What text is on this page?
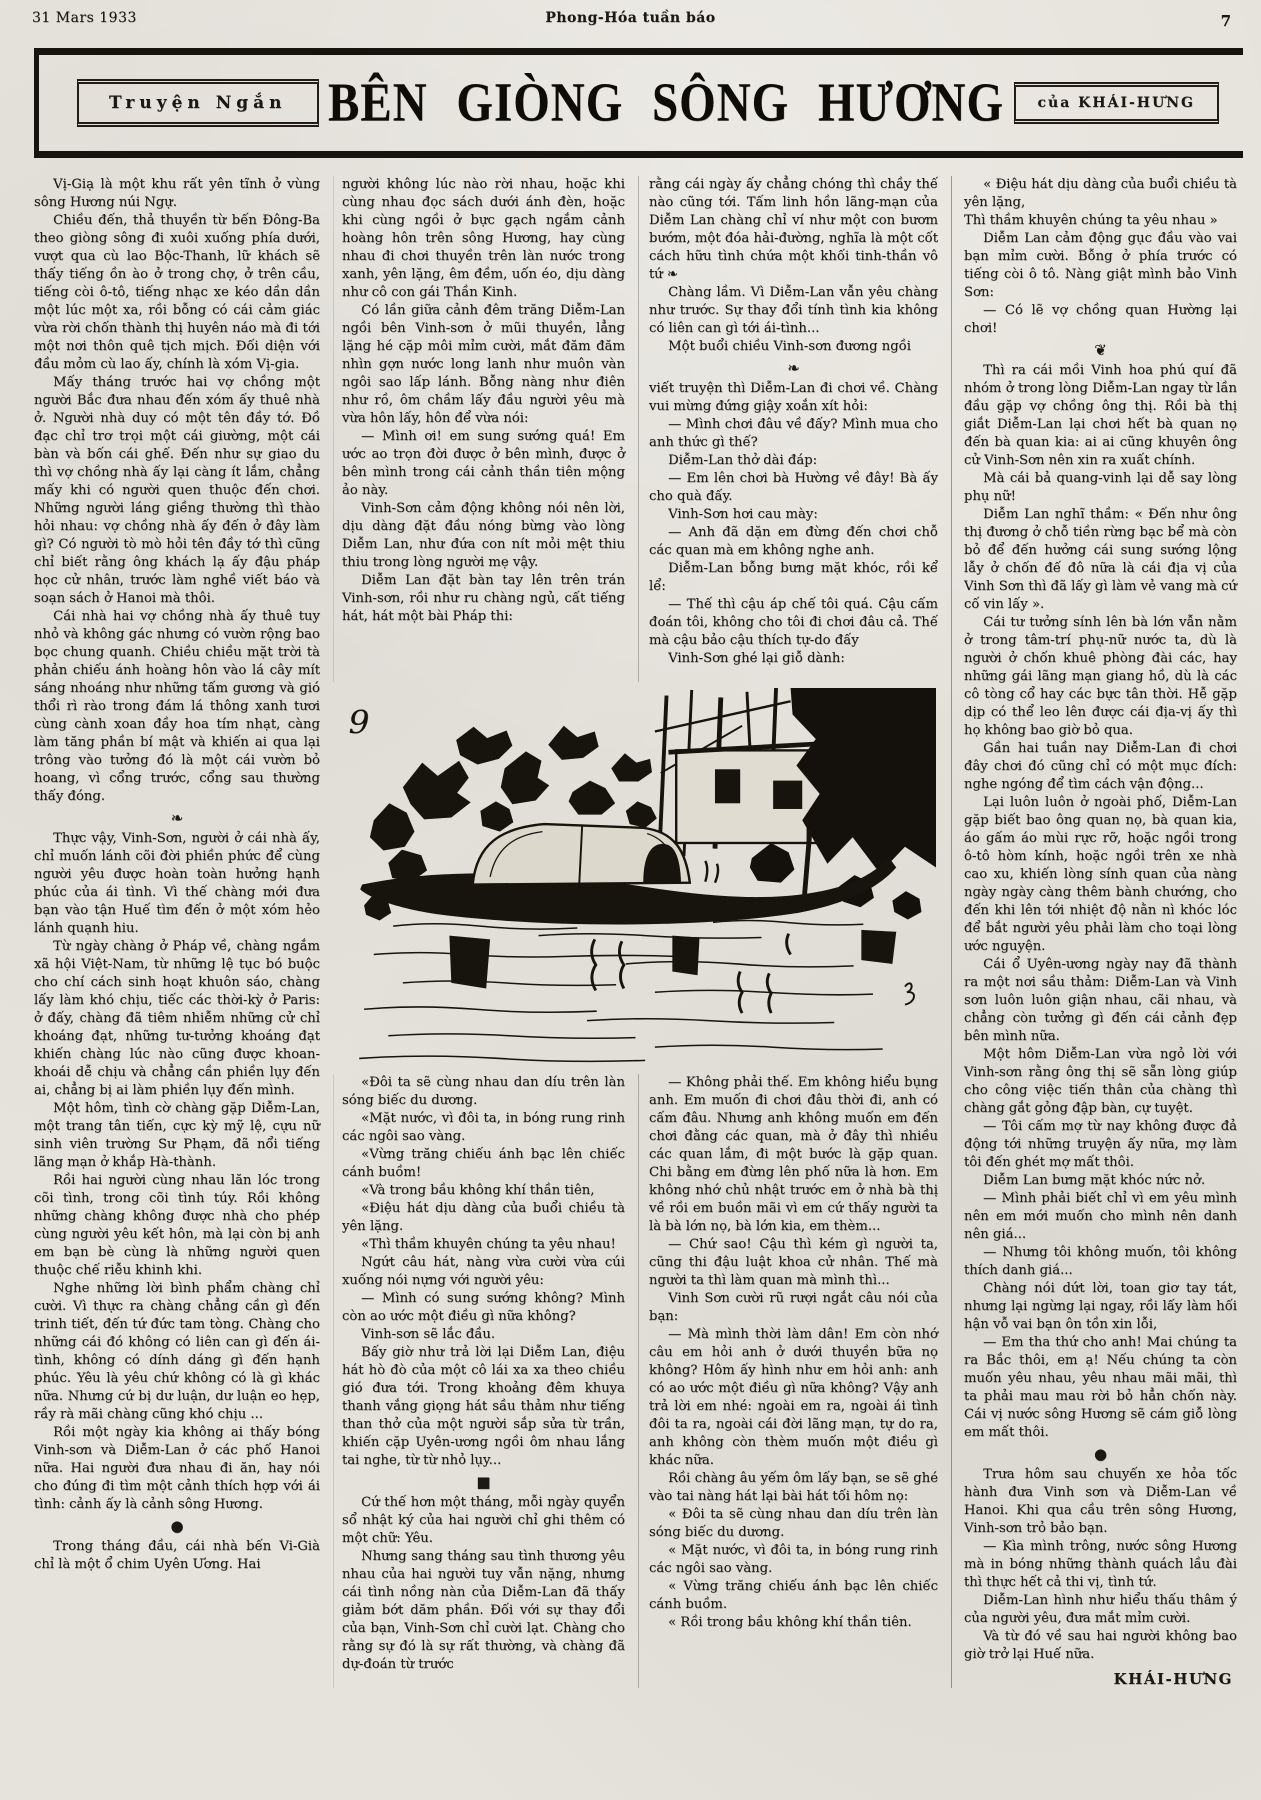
31 Mars 1933	Phong-Hóa tuần báo	7
Truyện Ngắn BÊN GIÒNG SÔNG HƯƠNG	của KHÁI-HƯNG

Vị-Giạ là một khu rất yên tĩnh ở vùng sông Hương núi Ngự.

Chiều đến, thả thuyền từ bến Đông-Ba theo giòng sông đi xuôi xuống phía dưới, vượt qua cù lao Bộc-Thanh, lữ khách sẽ thấy tiếng ồn ào ở trong chợ, ở trên cầu, tiếng còi ô-tô, tiếng nhạc xe kéo dần dần một lúc một xa, rồi bỗng có cái cảm giác vừa rời chốn thành thị huyên náo mà đi tới một nơi thôn quê tịch mịch. Đối diện với đầu mỏm cù lao ấy, chính là xóm Vị-gia.

Mấy tháng trước hai vợ chồng một người Bắc đưa nhau đến xóm ấy thuê nhà ở. Người nhà duy có một tên đầy tớ. Đồ đạc chỉ trơ trọi một cái giường, một cái bàn và bốn cái ghế. Đến như sự giao du thì vợ chồng nhà ấy lại càng ít lắm, chẳng mấy khi có người quen thuộc đến chơi. Những người láng giềng thường thì thào hỏi nhau: vợ chồng nhà ấy đến ở đây làm gì? Có người tò mò hỏi tên đầy tớ thì cũng chỉ biết rằng ông khách lạ ấy đậu pháp học cử nhân, trước làm nghề viết báo và soạn sách ở Hanoi mà thôi.

Cái nhà hai vợ chồng nhà ấy thuê tuy nhỏ và không gác nhưng có vườn rộng bao bọc chung quanh. Chiều chiều mặt trời tà phản chiếu ánh hoàng hôn vào lá cây mít sáng nhoáng như những tấm gương và gió thổi rì rào trong đám lá thông xanh tươi cùng cành xoan đầy hoa tím nhạt, càng làm tăng phần bí mật và khiến ai qua lại trông vào tưởng đó là một cái vườn bỏ hoang, vì cổng trước, cổng sau thường thấy đóng.

❧

Thực vậy, Vinh-Sơn, người ở cái nhà ấy, chỉ muốn lánh cõi đời phiền phức để cùng người yêu được hoàn toàn hưởng hạnh phúc của ái tình. Vì thế chàng mới đưa bạn vào tận Huế tìm đến ở một xóm hẻo lánh quạnh hiu.

Từ ngày chàng ở Pháp về, chàng ngắm xã hội Việt-Nam, từ những lệ tục bó buộc cho chí cách sinh hoạt khuôn sáo, chàng lấy làm khó chịu, tiếc các thời-kỳ ở Paris: ở đấy, chàng đã tiêm nhiễm những cử chỉ khoáng đạt, những tư-tưởng khoáng đạt khiến chàng lúc nào cũng được khoan-khoái dễ chịu và chẳng cần phiền lụy đến ai, chẳng bị ai làm phiền lụy đến mình.

Một hôm, tình cờ chàng gặp Diễm-Lan, một trang tân tiến, cực kỳ mỹ lệ, cựu nữ sinh viên trường Sư Phạm, đã nổi tiếng lãng mạn ở khắp Hà-thành.

Rồi hai người cùng nhau lăn lóc trong cõi tình, trong cõi tình túy. Rồi không những chàng không được nhà cho phép cùng người yêu kết hôn, mà lại còn bị anh em bạn bè cùng là những người quen thuộc chế riễu khinh khi.

Nghe những lời bình phẩm chàng chỉ cười. Vì thực ra chàng chẳng cần gì đến trinh tiết, đến tứ đức tam tòng. Chàng cho những cái đó không có liên can gì đến ái-tình, không có dính dáng gì đến hạnh phúc. Yêu là yêu chứ không có là gì khác nữa. Nhưng cứ bị dư luận, dư luận eo hẹp, rầy rà mãi chàng cũng khó chịu ...

Rồi một ngày kia không ai thấy bóng Vinh-sơn và Diễm-Lan ở các phố Hanoi nữa. Hai người đưa nhau đi ăn, hay nói cho đúng đi tìm một cảnh thích hợp với ái tình: cảnh ấy là cảnh sông Hương.

●

Trong tháng đầu, cái nhà bến Vi-Già chỉ là một ổ chim Uyên Ương. Hai

người không lúc nào rời nhau, hoặc khi cùng nhau đọc sách dưới ánh đèn, hoặc khi cùng ngồi ở bực gạch ngắm cảnh hoàng hôn trên sông Hương, hay cùng nhau đi chơi thuyền trên làn nước trong xanh, yên lặng, êm đềm, uốn éo, dịu dàng như cô con gái Thần Kinh.

Có lần giữa cảnh đêm trăng Diễm-Lan ngồi bên Vinh-sơn ở mũi thuyền, lẳng lặng hé cặp môi mỉm cười, mắt đăm đăm nhìn gợn nước long lanh như muôn vàn ngôi sao lấp lánh. Bỗng nàng như điên như rồ, ôm chầm lấy đầu người yêu mà vừa hôn lấy, hôn để vừa nói:

— Mình ơi! em sung sướng quá! Em ước ao trọn đời được ở bên mình, được ở bên mình trong cái cảnh thần tiên mộng ảo này.

Vinh-Sơn cảm động không nói nên lời, dịu dàng đặt đầu nóng bừng vào lòng Diễm Lan, như đứa con nít mỏi mệt thiu thiu trong lòng người mẹ vậy.

Diễm Lan đặt bàn tay lên trên trán Vinh-sơn, rồi như ru chàng ngủ, cất tiếng hát, hát một bài Pháp thi:

rằng cái ngày ấy chẳng chóng thì chầy thế nào cũng tới. Tấm linh hồn lãng-mạn của Diễm Lan chàng chỉ ví như một con bươm bướm, một đóa hải-đường, nghĩa là một cốt cách hữu tình chứa một khối tinh-thần vô tứ ❧

Chàng lầm. Vì Diễm-Lan vẫn yêu chàng như trước. Sự thay đổi tính tình kia không có liên can gì tới ái-tình...

Một buổi chiều Vinh-sơn đương ngồi

❧

viết truyện thì Diễm-Lan đi chơi về. Chàng vui mừng đứng giậy xoắn xít hỏi:

— Mình chơi đâu về đấy? Mình mua cho anh thức gì thế?

Diễm-Lan thở dài đáp:

— Em lên chơi bà Hường về đây! Bà ấy cho quà đấy.

Vinh-Sơn hơi cau mày:

— Anh đã dặn em đừng đến chơi chỗ các quan mà em không nghe anh.

Diễm-Lan bỗng bưng mặt khóc, rồi kể lể:

— Thế thì cậu áp chế tôi quá. Cậu cấm đoán tôi, không cho tôi đi chơi đâu cả. Thế mà cậu bảo cậu thích tự-do đấy

Vinh-Sơn ghé lại giỗ dành:

9

«Đôi ta sẽ cùng nhau dan díu trên làn sóng biếc du dương.

«Mặt nước, vì đôi ta, in bóng rung rinh các ngôi sao vàng.

«Vừng trăng chiếu ánh bạc lên chiếc cánh buồm!

«Và trong bầu không khí thần tiên,

«Điệu hát dịu dàng của buổi chiều tà yên lặng.

«Thì thầm khuyên chúng ta yêu nhau!

Ngứt câu hát, nàng vừa cười vừa cúi xuống nói nựng với người yêu:

— Mình có sung sướng không? Mình còn ao ước một điều gì nữa không?

Vinh-sơn sẽ lắc đầu.

Bấy giờ như trả lời lại Diễm Lan, điệu hát hò đò của một cô lái xa xa theo chiều gió đưa tới. Trong khoảng đêm khuya thanh vắng giọng hát sầu thảm như tiếng than thở của một người sắp sửa từ trần, khiến cặp Uyên-ương ngồi ôm nhau lắng tai nghe, từ từ nhỏ lụy...

■

Cứ thế hơn một tháng, mỗi ngày quyển sổ nhật ký của hai người chỉ ghi thêm có một chữ: Yêu.

Nhưng sang tháng sau tình thương yêu nhau của hai người tuy vẫn nặng, nhưng cái tình nồng nàn của Diễm-Lan đã thấy giảm bớt dăm phần. Đối với sự thay đổi của bạn, Vinh-Sơn chỉ cười lạt. Chàng cho rằng sự đó là sự rất thường, và chàng đã dự-đoán từ trước

— Không phải thế. Em không hiểu bụng anh. Em muốn đi chơi đâu thời đi, anh có cấm đâu. Nhưng anh không muốn em đến chơi đằng các quan, mà ở đây thì nhiều các quan lắm, đi một bước là gặp quan. Chi bằng em đừng lên phố nữa là hơn. Em không nhớ chủ nhật trước em ở nhà bà thị về rồi em buồn mãi vì em cứ thấy người ta là bà lớn nọ, bà lớn kia, em thèm...

— Chứ sao! Cậu thì kém gì người ta, cũng thi đậu luật khoa cử nhân. Thế mà người ta thì làm quan mà mình thì...

Vinh Sơn cười rũ rượi ngắt câu nói của bạn:

— Mà mình thời làm dân! Em còn nhớ câu em hỏi anh ở dưới thuyền bữa nọ không? Hôm ấy hình như em hỏi anh: anh có ao ước một điều gì nữa không? Vậy anh trả lời em nhé: ngoài em ra, ngoài ái tình đôi ta ra, ngoài cái đời lãng mạn, tự do ra, anh không còn thèm muốn một điều gì khác nữa.

Rồi chàng âu yếm ôm lấy bạn, se sẽ ghé vào tai nàng hát lại bài hát tối hôm nọ:

« Đôi ta sẽ cùng nhau dan díu trên làn sóng biếc du dương.

« Mặt nước, vì đôi ta, in bóng rung rinh các ngôi sao vàng.

« Vừng trăng chiếu ánh bạc lên chiếc cánh buồm.

« Rồi trong bầu không khí thần tiên.

« Điệu hát dịu dàng của buổi chiều tà yên lặng,

Thì thầm khuyên chúng ta yêu nhau »

Diễm Lan cảm động gục đầu vào vai bạn mỉm cười. Bỗng ở phía trước có tiếng còi ô tô. Nàng giật mình bảo Vinh Sơn:

— Có lẽ vợ chồng quan Hường lại chơi!

❦

Thì ra cái mồi Vinh hoa phú quí đã nhóm ở trong lòng Diễm-Lan ngay từ lần đầu gặp vợ chồng ông thị. Rồi bà thị giắt Diễm-Lan lại chơi hết bà quan nọ đến bà quan kia: ai ai cũng khuyên ông cử Vinh-Sơn nên xin ra xuất chính.

Mà cái bả quang-vinh lại dễ say lòng phụ nữ!

Diễm Lan nghĩ thầm: « Đến như ông thị đương ở chỗ tiền rừng bạc bể mà còn bỏ để đến hưởng cái sung sướng lộng lẫy ở chốn đế đô nữa là cái địa vị của Vinh Sơn thì đã lấy gì làm vẻ vang mà cứ cố vin lấy ».

Cái tư tưởng sính lên bà lớn vẫn nằm ở trong tâm-trí phụ-nữ nước ta, dù là người ở chốn khuê phòng đài các, hay những gái lãng mạn giang hồ, dù là các cô tòng cổ hay các bực tân thời. Hễ gặp dịp có thể leo lên được cái địa-vị ấy thì họ không bao giờ bỏ qua.

Gần hai tuần nay Diễm-Lan đi chơi đây chơi đó cũng chỉ có một mục đích: nghe ngóng để tìm cách vận động...

Lại luôn luôn ở ngoài phố, Diễm-Lan gặp biết bao ông quan nọ, bà quan kia, áo gấm áo mùi rực rỡ, hoặc ngồi trong ô-tô hòm kính, hoặc ngồi trên xe nhà cao xu, khiến lòng sính quan của nàng ngày ngày càng thêm bành chướng, cho đến khi lên tới nhiệt độ nằn nì khóc lóc để bắt người yêu phải làm cho toại lòng ước nguyện.

Cái ổ Uyên-ương ngày nay đã thành ra một nơi sầu thảm: Diễm-Lan và Vinh sơn luôn luôn giận nhau, cãi nhau, và chẳng còn tưởng gì đến cái cảnh đẹp bên mình nữa.

Một hôm Diễm-Lan vừa ngỏ lời với Vinh-sơn rằng ông thị sẽ sẵn lòng giúp cho công việc tiến thân của chàng thì chàng gắt gỏng đập bàn, cự tuyệt.

— Tôi cấm mợ từ nay không được đả động tới những truyện ấy nữa, mợ làm tôi đến ghét mợ mất thôi.

Diễm Lan bưng mặt khóc nức nở.

— Mình phải biết chỉ vì em yêu mình nên em mới muốn cho mình nên danh nên giá...

— Nhưng tôi không muốn, tôi không thích danh giá...

Chàng nói dứt lời, toan giơ tay tát, nhưng lại ngừng lại ngay, rồi lấy làm hối hận vỗ vai bạn ôn tồn xin lỗi,

— Em tha thứ cho anh! Mai chúng ta ra Bắc thôi, em ạ! Nếu chúng ta còn muốn yêu nhau, yêu nhau mãi mãi, thì ta phải mau mau rời bỏ hẳn chốn này. Cái vị nước sông Hương sẽ cám giỗ lòng em mất thôi.

●

Trưa hôm sau chuyến xe hỏa tốc hành đưa Vinh sơn và Diễm-Lan về Hanoi. Khi qua cầu trên sông Hương, Vinh-sơn trỏ bảo bạn.

— Kìa mình trông, nước sông Hương mà in bóng những thành quách lầu đài thì thực hết cả thi vị, tình tứ.

Diễm-Lan hình như hiểu thấu thâm ý của người yêu, đưa mắt mỉm cười.

Và từ đó về sau hai người không bao giờ trở lại Huế nữa.

KHÁI-HƯNG
